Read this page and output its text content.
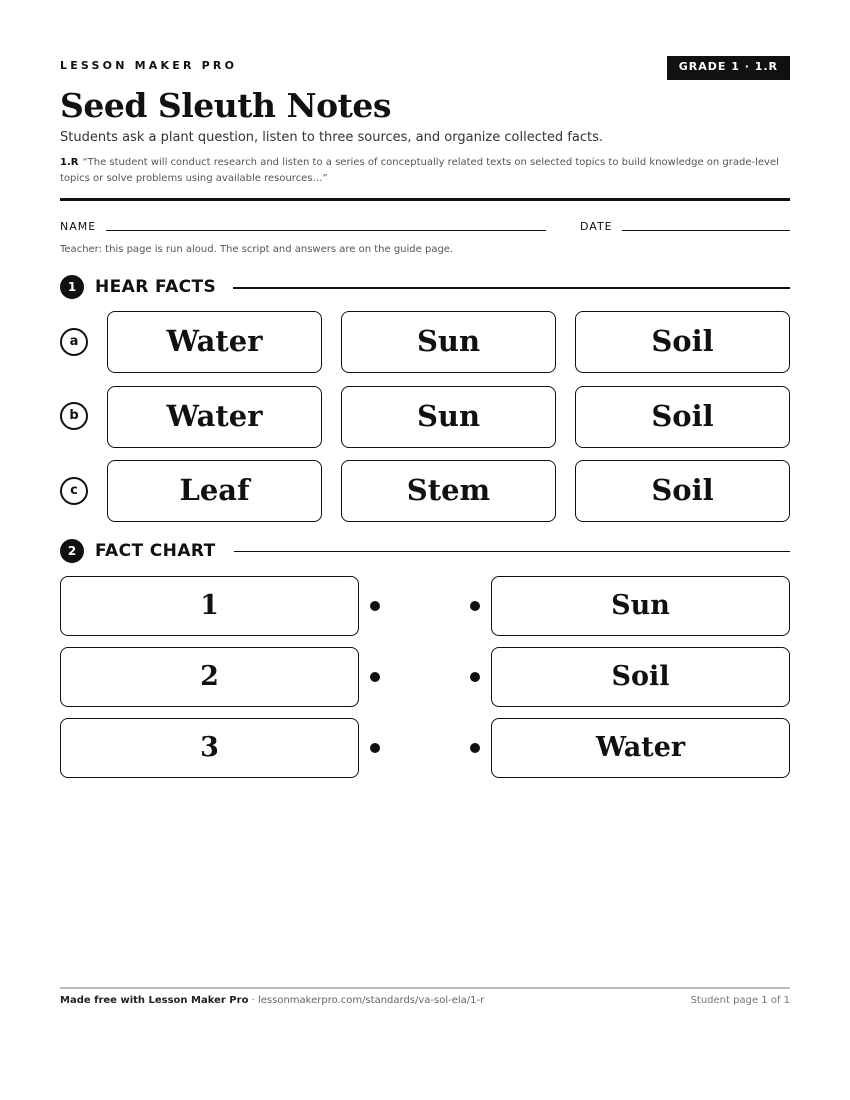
LESSON MAKER PRO	GRADE 1 · 1.R
Seed Sleuth Notes
Students ask a plant question, listen to three sources, and organize collected facts.
1.R “The student will conduct research and listen to a series of conceptually related texts on selected topics to build knowledge on grade-level topics or solve problems using available resources…”
NAME	DATE
Teacher: this page is run aloud. The script and answers are on the guide page.
1	HEAR FACTS
a	Water	Sun	Soil
b	Water	Sun	Soil
c	Leaf	Stem	Soil
2	FACT CHART
1	Sun
2	Soil
3	Water
Made free with Lesson Maker Pro · lessonmakerpro.com/standards/va-sol-ela/1-r	Student page 1 of 1
